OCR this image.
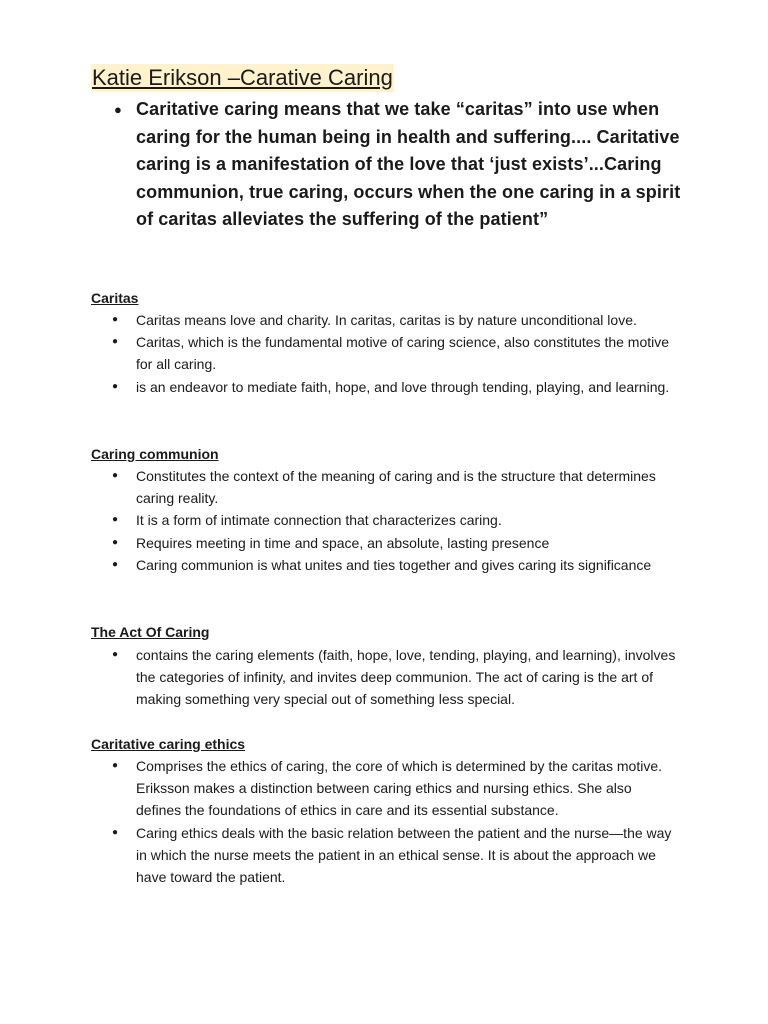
Katie Erikson –Carative Caring
● Caritative caring means that we take “caritas” into use when caring for the human being in health and suffering.... Caritative caring is a manifestation of the love that ‘just exists’...Caring communion, true caring, occurs when the one caring in a spirit of caritas alleviates the suffering of the patient”
Caritas
● Caritas means love and charity. In caritas, caritas is by nature unconditional love.
● Caritas, which is the fundamental motive of caring science, also constitutes the motive for all caring.
● is an endeavor to mediate faith, hope, and love through tending, playing, and learning.
Caring communion
● Constitutes the context of the meaning of caring and is the structure that determines caring reality.
● It is a form of intimate connection that characterizes caring.
● Requires meeting in time and space, an absolute, lasting presence
● Caring communion is what unites and ties together and gives caring its significance
The Act Of Caring
● contains the caring elements (faith, hope, love, tending, playing, and learning), involves the categories of infinity, and invites deep communion. The act of caring is the art of making something very special out of something less special.
Caritative caring ethics
● Comprises the ethics of caring, the core of which is determined by the caritas motive. Eriksson makes a distinction between caring ethics and nursing ethics. She also defines the foundations of ethics in care and its essential substance.
● Caring ethics deals with the basic relation between the patient and the nurse—the way in which the nurse meets the patient in an ethical sense. It is about the approach we have toward the patient.
